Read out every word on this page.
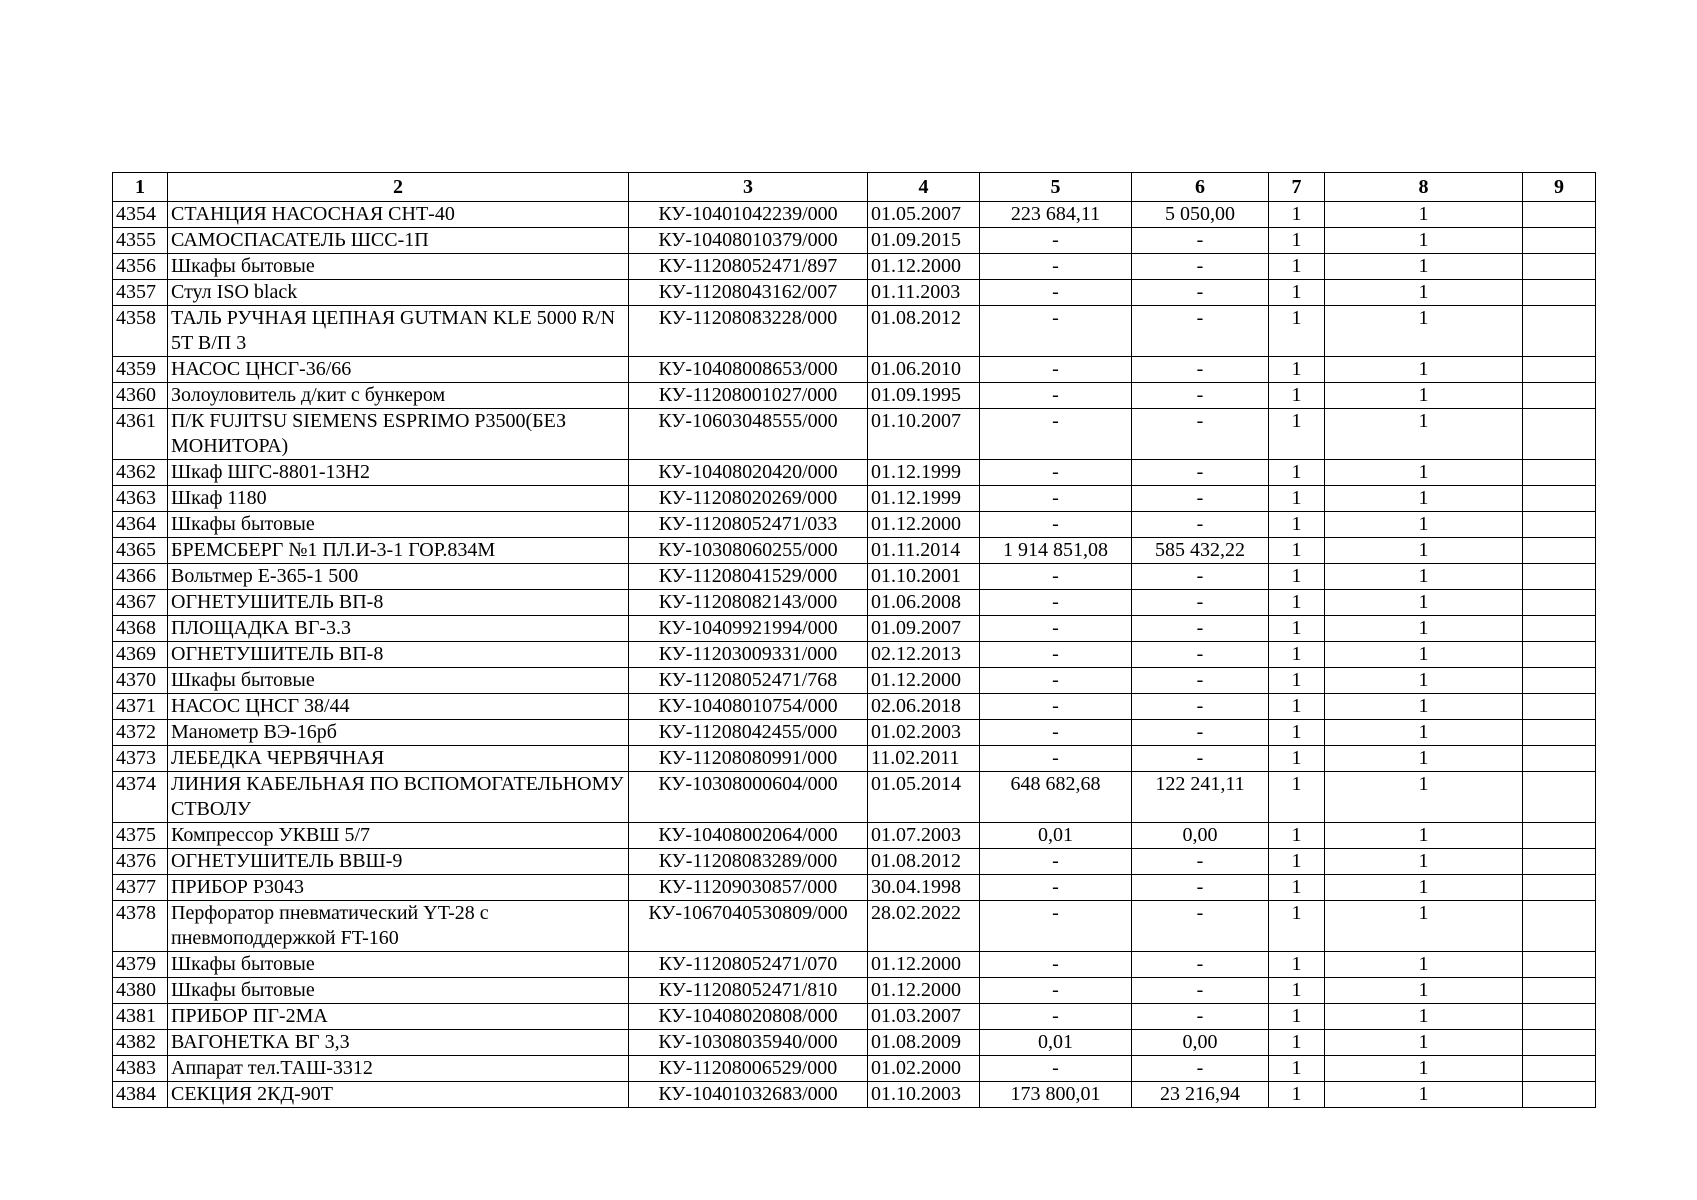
1	2	3	4	5	6	7	8	9
4354	СТАНЦИЯ НАСОСНАЯ СНТ-40	КУ-10401042239/000	01.05.2007	223 684,11	5 050,00	1	1	
4355	САМОСПАСАТЕЛЬ ШСС-1П	КУ-10408010379/000	01.09.2015	-	-	1	1	
4356	Шкафы бытовые	КУ-11208052471/897	01.12.2000	-	-	1	1	
4357	Стул ISO black	КУ-11208043162/007	01.11.2003	-	-	1	1	
4358	ТАЛЬ РУЧНАЯ ЦЕПНАЯ GUTMAN KLE 5000 R/N 5T B/П 3	КУ-11208083228/000	01.08.2012	-	-	1	1	
4359	НАСОС ЦНСГ-36/66	КУ-10408008653/000	01.06.2010	-	-	1	1	
4360	Золоуловитель д/кит с бункером	КУ-11208001027/000	01.09.1995	-	-	1	1	
4361	П/К FUJITSU SIEMENS ESPRIMO P3500(БЕЗ МОНИТОРА)	КУ-10603048555/000	01.10.2007	-	-	1	1	
4362	Шкаф ШГС-8801-13Н2	КУ-10408020420/000	01.12.1999	-	-	1	1	
4363	Шкаф 1180	КУ-11208020269/000	01.12.1999	-	-	1	1	
4364	Шкафы бытовые	КУ-11208052471/033	01.12.2000	-	-	1	1	
4365	БРЕМСБЕРГ №1 ПЛ.И-3-1 ГОР.834М	КУ-10308060255/000	01.11.2014	1 914 851,08	585 432,22	1	1	
4366	Вольтмер Е-365-1 500	КУ-11208041529/000	01.10.2001	-	-	1	1	
4367	ОГНЕТУШИТЕЛЬ ВП-8	КУ-11208082143/000	01.06.2008	-	-	1	1	
4368	ПЛОЩАДКА ВГ-3.3	КУ-10409921994/000	01.09.2007	-	-	1	1	
4369	ОГНЕТУШИТЕЛЬ ВП-8	КУ-11203009331/000	02.12.2013	-	-	1	1	
4370	Шкафы бытовые	КУ-11208052471/768	01.12.2000	-	-	1	1	
4371	НАСОС ЦНСГ 38/44	КУ-10408010754/000	02.06.2018	-	-	1	1	
4372	Манометр ВЭ-16рб	КУ-11208042455/000	01.02.2003	-	-	1	1	
4373	ЛЕБЕДКА ЧЕРВЯЧНАЯ	КУ-11208080991/000	11.02.2011	-	-	1	1	
4374	ЛИНИЯ КАБЕЛЬНАЯ ПО ВСПОМОГАТЕЛЬНОМУ СТВОЛУ	КУ-10308000604/000	01.05.2014	648 682,68	122 241,11	1	1	
4375	Компрессор УКВШ 5/7	КУ-10408002064/000	01.07.2003	0,01	0,00	1	1	
4376	ОГНЕТУШИТЕЛЬ ВВШ-9	КУ-11208083289/000	01.08.2012	-	-	1	1	
4377	ПРИБОР Р3043	КУ-11209030857/000	30.04.1998	-	-	1	1	
4378	Перфоратор пневматический YT-28 с пневмоподдержкой FT-160	КУ-1067040530809/000	28.02.2022	-	-	1	1	
4379	Шкафы бытовые	КУ-11208052471/070	01.12.2000	-	-	1	1	
4380	Шкафы бытовые	КУ-11208052471/810	01.12.2000	-	-	1	1	
4381	ПРИБОР ПГ-2МА	КУ-10408020808/000	01.03.2007	-	-	1	1	
4382	ВАГОНЕТКА ВГ 3,3	КУ-10308035940/000	01.08.2009	0,01	0,00	1	1	
4383	Аппарат тел.ТАШ-3312	КУ-11208006529/000	01.02.2000	-	-	1	1	
4384	СЕКЦИЯ 2КД-90Т	КУ-10401032683/000	01.10.2003	173 800,01	23 216,94	1	1	
